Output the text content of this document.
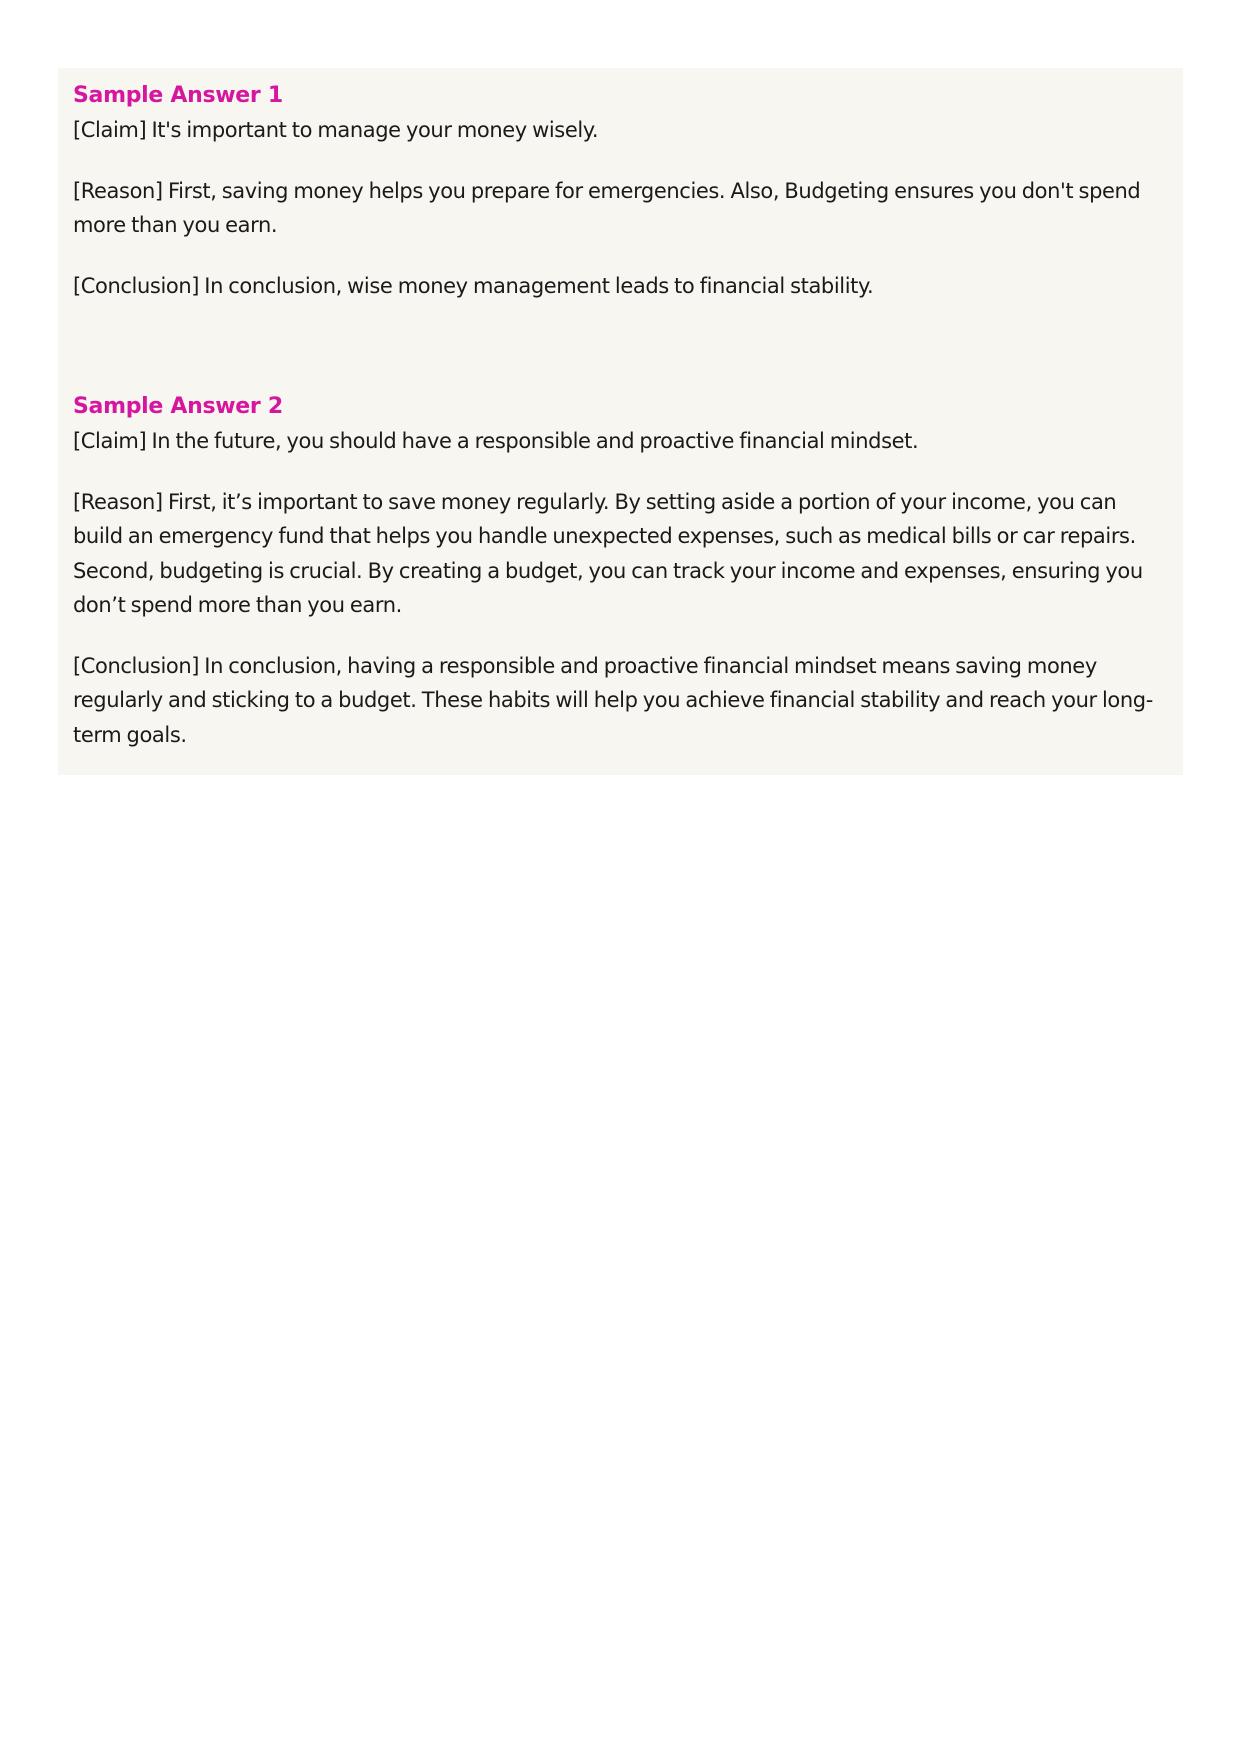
Sample Answer 1

[Claim] It's important to manage your money wisely.

[Reason] First, saving money helps you prepare for emergencies. Also, Budgeting ensures you don't spend more than you earn.

[Conclusion] In conclusion, wise money management leads to financial stability.

Sample Answer 2

[Claim] In the future, you should have a responsible and proactive financial mindset.

[Reason] First, it’s important to save money regularly. By setting aside a portion of your income, you can build an emergency fund that helps you handle unexpected expenses, such as medical bills or car repairs. Second, budgeting is crucial. By creating a budget, you can track your income and expenses, ensuring you don’t spend more than you earn.

[Conclusion] In conclusion, having a responsible and proactive financial mindset means saving money regularly and sticking to a budget. These habits will help you achieve financial stability and reach your long-term goals.
